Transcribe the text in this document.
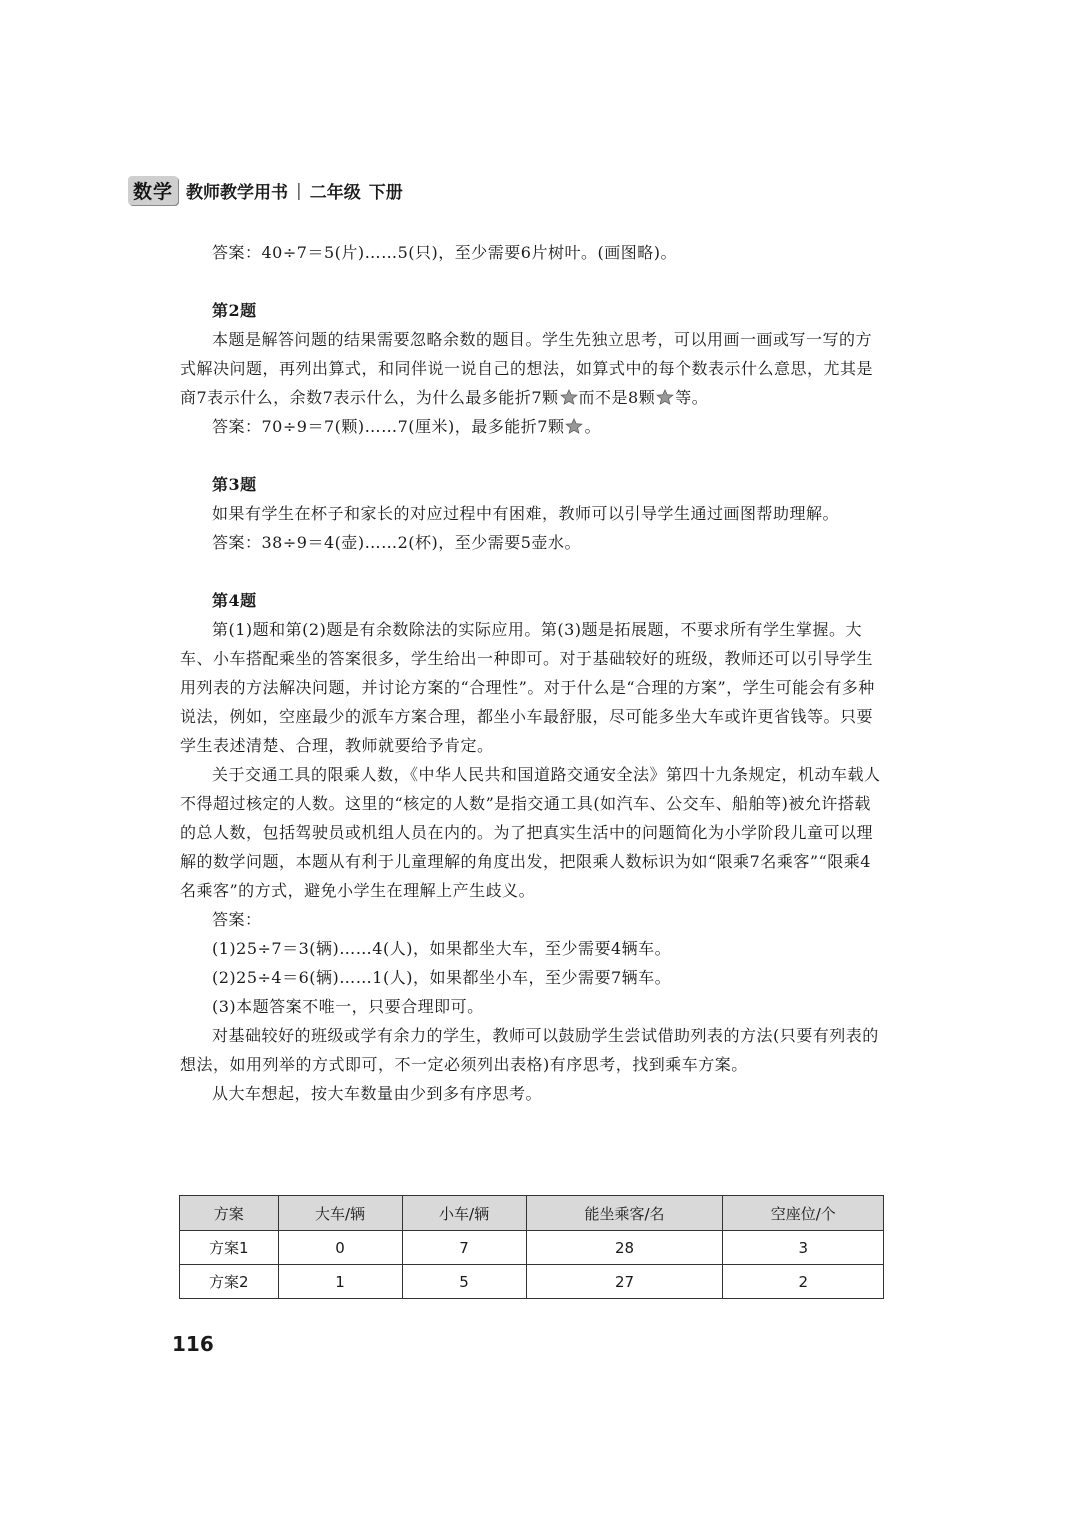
数学 教师教学用书 | 二年级 下册

答案：40÷7＝5(片)……5(只)，至少需要6片树叶。(画图略)。

第2题

本题是解答问题的结果需要忽略余数的题目。学生先独立思考，可以用画一画或写一写的方式解决问题，再列出算式，和同伴说一说自己的想法，如算式中的每个数表示什么意思，尤其是商7表示什么，余数7表示什么，为什么最多能折7颗 而不是8颗 等。

答案：70÷9＝7(颗)……7(厘米)，最多能折7颗 。

第3题

如果有学生在杯子和家长的对应过程中有困难，教师可以引导学生通过画图帮助理解。

答案：38÷9＝4(壶)……2(杯)，至少需要5壶水。

第4题

第(1)题和第(2)题是有余数除法的实际应用。第(3)题是拓展题，不要求所有学生掌握。大车、小车搭配乘坐的答案很多，学生给出一种即可。对于基础较好的班级，教师还可以引导学生用列表的方法解决问题，并讨论方案的“合理性”。对于什么是“合理的方案”，学生可能会有多种说法，例如，空座最少的派车方案合理，都坐小车最舒服，尽可能多坐大车或许更省钱等。只要学生表述清楚、合理，教师就要给予肯定。

关于交通工具的限乘人数，《中华人民共和国道路交通安全法》第四十九条规定，机动车载人不得超过核定的人数。这里的“核定的人数”是指交通工具(如汽车、公交车、船舶等)被允许搭载的总人数，包括驾驶员或机组人员在内的。为了把真实生活中的问题简化为小学阶段儿童可以理解的数学问题，本题从有利于儿童理解的角度出发，把限乘人数标识为如“限乘7名乘客”“限乘4名乘客”的方式，避免小学生在理解上产生歧义。

答案：

(1)25÷7＝3(辆)……4(人)，如果都坐大车，至少需要4辆车。

(2)25÷4＝6(辆)……1(人)，如果都坐小车，至少需要7辆车。

(3)本题答案不唯一，只要合理即可。

对基础较好的班级或学有余力的学生，教师可以鼓励学生尝试借助列表的方法(只要有列表的想法，如用列举的方式即可，不一定必须列出表格)有序思考，找到乘车方案。

从大车想起，按大车数量由少到多有序思考。

方案	大车/辆	小车/辆	能坐乘客/名	空座位/个
方案1	0	7	28	3
方案2	1	5	27	2
116
